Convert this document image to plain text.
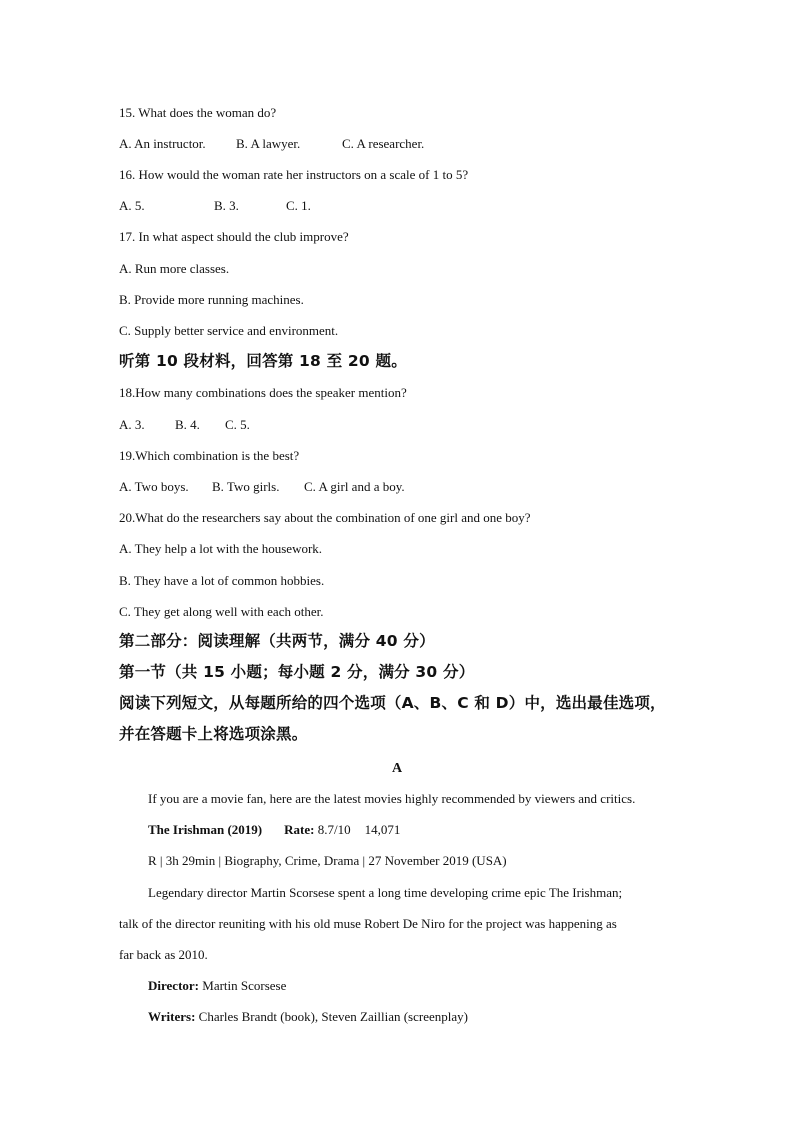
15. What does the woman do?
A. An instructor. B. A lawyer.	C. A researcher.
16. How would the woman rate her instructors on a scale of 1 to 5?
A. 5.	B. 3.	C. 1.
17. In what aspect should the club improve?
A. Run more classes.
B. Provide more running machines.
C. Supply better service and environment.
听第 10 段材料，回答第 18 至 20 题。
18.How many combinations does the speaker mention?
A. 3. B. 4. C. 5.
19.Which combination is the best?
A. Two boys. B. Two girls. C. A girl and a boy.
20.What do the researchers say about the combination of one girl and one boy?
A. They help a lot with the housework.
B. They have a lot of common hobbies.
C. They get along well with each other.
第二部分：阅读理解（共两节，满分 40 分）
第一节（共 15 小题；每小题 2 分，满分 30 分）
阅读下列短文，从每题所给的四个选项（A、B、C 和 D）中，选出最佳选项，
并在答题卡上将选项涂黑。
A
If you are a movie fan, here are the latest movies highly recommended by viewers and critics.
The Irishman (2019) Rate: 8.7/10 14,071
R | 3h 29min | Biography, Crime, Drama | 27 November 2019 (USA)
Legendary director Martin Scorsese spent a long time developing crime epic The Irishman;
talk of the director reuniting with his old muse Robert De Niro for the project was happening as
far back as 2010.
Director: Martin Scorsese
Writers: Charles Brandt (book), Steven Zaillian (screenplay)
